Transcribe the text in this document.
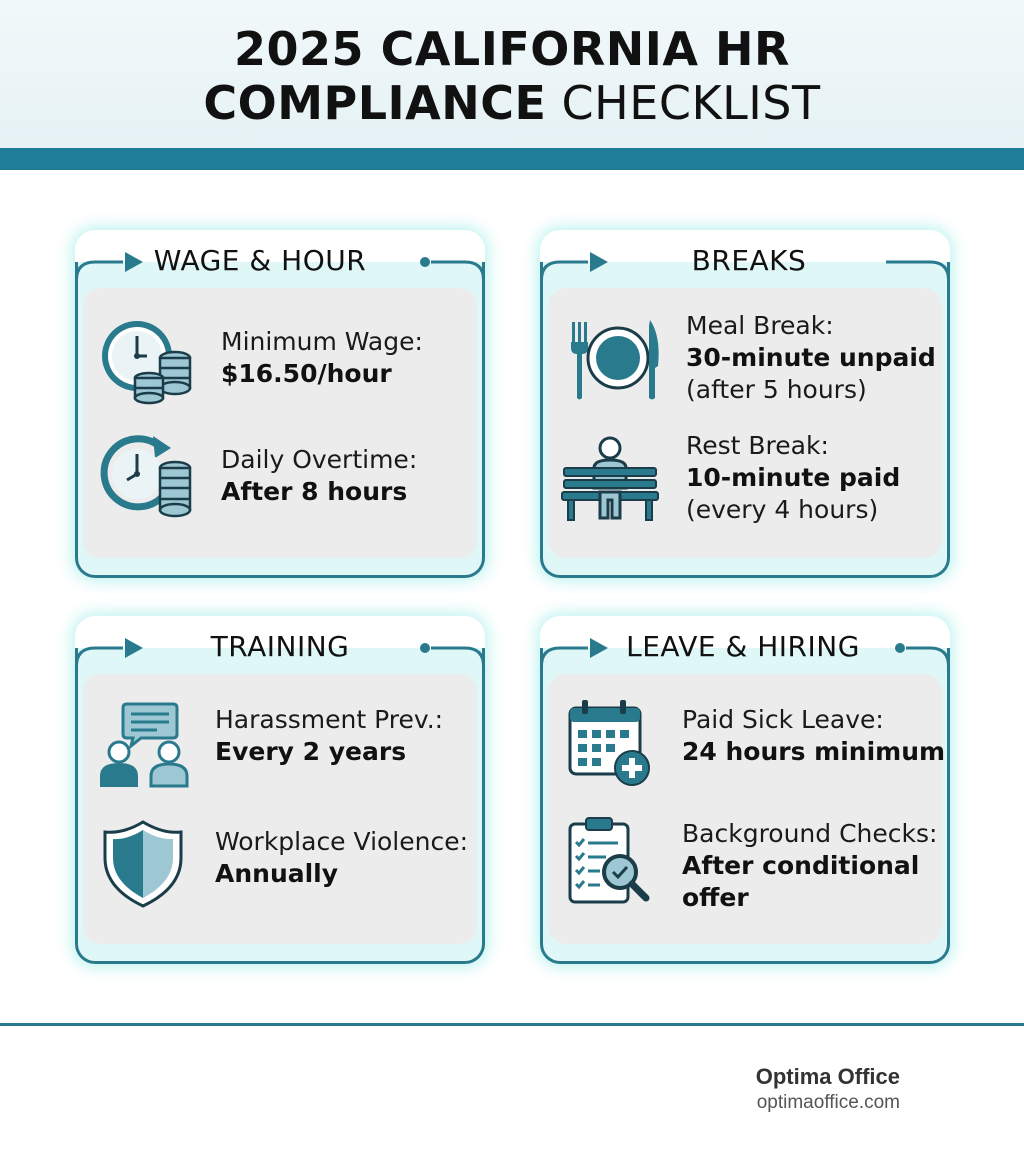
2025 CALIFORNIA HR
COMPLIANCE CHECKLIST
WAGE & HOUR
Minimum Wage:
$16.50/hour
Daily Overtime:
After 8 hours
BREAKS
Meal Break:
30-minute unpaid
(after 5 hours)
Rest Break:
10-minute paid
(every 4 hours)
TRAINING
Harassment Prev.:
Every 2 years
Workplace Violence:
Annually
LEAVE & HIRING
Paid Sick Leave:
24 hours minimum
Background Checks:
After conditional
offer
Optima Office
optimaoffice.com
